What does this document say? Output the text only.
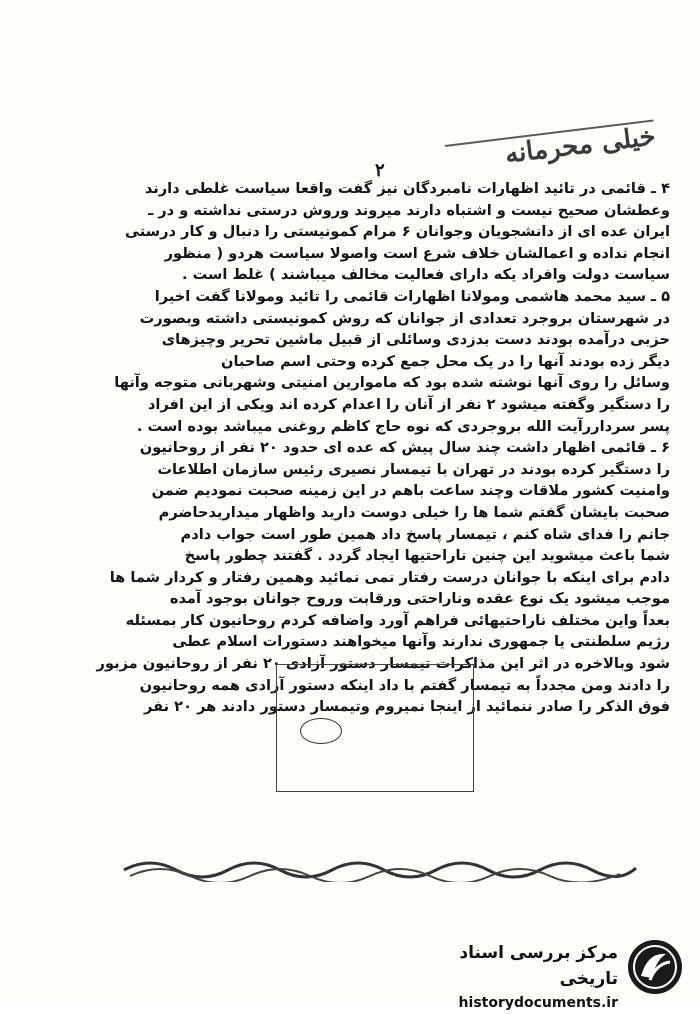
خیلی محرمانه
۲

۴ ـ قائمی در تائید اظهارات نامبردگان نیز گفت واقعا سیاست غلطی دارند

وعطشان صحیح نیست و اشتباه دارند میروند وروش درستی نداشته و در ـ

ایران عده ای از دانشجویان وجوانان ۶ مرام کمونیستی را دنبال و کار درستی

انجام نداده و اعمالشان خلاف شرع است واصولا سیاست هردو ( منظور

سیاست دولت وافراد یکه دارای فعالیت مخالف میباشند ) غلط است .

۵ ـ سید محمد هاشمی ومولانا اظهارات قائمی را تائید ومولانا گفت اخیرا

در شهرستان بروجرد تعدادی از جوانان که روش کمونیستی داشته وبصورت

حزبی درآمده بودند دست بدزدی وسائلی از قبیل ماشین تحریر وچیزهای

دیگر زده بودند آنها را در یک محل جمع کرده وحتی اسم صاحبان

وسائل را روی آنها نوشته شده بود که ماموارین امنیتی وشهربانی متوجه وآنها

را دستگیر وگفته میشود ۲ نفر از آنان را اعدام کرده اند ویکی از این افراد

پسر سرداررآیت الله بروجردی که نوه حاج کاظم روغنی میباشد بوده است .

۶ ـ قائمی اظهار داشت چند سال پیش که عده ای حدود ۲۰ نفر از روحانیون

را دستگیر کرده بودند در تهران با تیمسار نصیری رئیس سازمان اطلاعات

وامنیت کشور ملاقات وچند ساعت باهم در این زمینه صحبت نمودیم ضمن

صحبت بایشان گفتم شما ها را خیلی دوست دارید واظهار میداریدحاضرم

جانم را فدای شاه کنم ، تیمسار پاسخ داد همین طور است جواب دادم

شما باعث میشوید این چنین ناراحتیها ایجاد گردد . گفتند چطور پاسخ

دادم برای اینکه با جوانان درست رفتار نمی نمائید وهمین رفتار و کردار شما ها

موجب میشود یک نوع عقده وناراحتی ورقابت وروح جوانان بوجود آمده

بعداً واین مختلف ناراحتیهائی فراهم آورد واضافه کردم روحانیون کار بمسئله

رژیم سلطنتی یا جمهوری ندارند وآنها میخواهند دستورات اسلام عطی

شود وبالاخره در اثر این مذاکرات تیمسار دستور آزادی ۲۰ نفر از روحانیون مزبور

را دادند ومن مجدداً به تیمسار گفتم با داد اینکه دستور آزادی همه روحانیون

فوق الذکر را صادر ننمائید از اینجا نمیروم وتیمسار دستور دادند هر ۲۰ نفر

مرکز بررسی اسناد تاریخی
historydocuments.ir
